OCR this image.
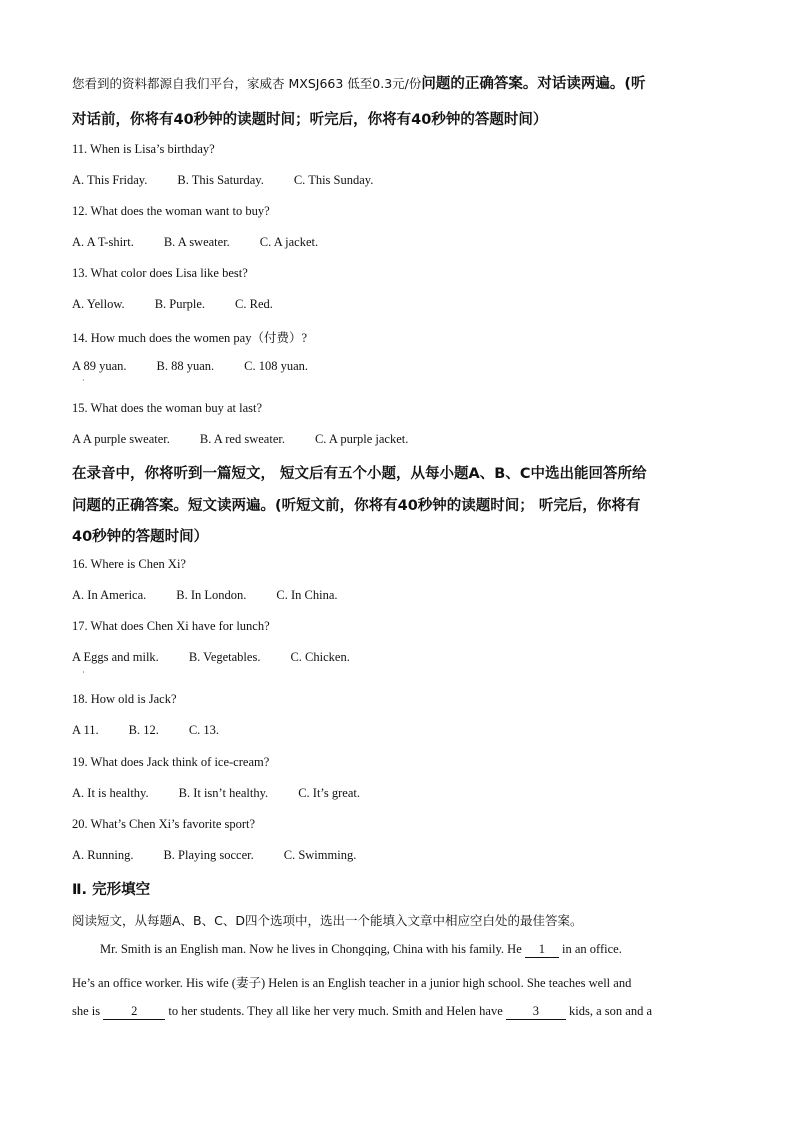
您看到的资料都源自我们平台，家威杏 MXSJ663 低至0.3元/份问题的正确答案。对话读两遍。(听
对话前，你将有40秒钟的读题时间；听完后，你将有40秒钟的答题时间）
11. When is Lisa’s birthday?
A. This Friday. B. This Saturday. C. This Sunday.
12. What does the woman want to buy?
A. A T-shirt. B. A sweater. C. A jacket.
13. What color does Lisa like best?
A. Yellow. B. Purple. C. Red.
14. How much does the women pay（付费）?
A 89 yuan. B. 88 yuan. C. 108 yuan.
·
15. What does the woman buy at last?
A A purple sweater. B. A red sweater. C. A purple jacket.
在录音中，你将听到一篇短文， 短文后有五个小题，从每小题A、B、C中选出能回答所给
问题的正确答案。短文读两遍。(听短文前，你将有40秒钟的读题时间； 听完后，你将有
40秒钟的答题时间）
16. Where is Chen Xi?
A. In America. B. In London. C. In China.
17. What does Chen Xi have for lunch?
A Eggs and milk. B. Vegetables. C. Chicken.
·
18. How old is Jack?
A 11. B. 12. C. 13.
19. What does Jack think of ice-cream?
A. It is healthy. B. It isn’t healthy. C. It’s great.
20. What’s Chen Xi’s favorite sport?
A. Running. B. Playing soccer. C. Swimming.
Ⅱ. 完形填空
阅读短文，从每题A、B、C、D四个选项中，选出一个能填入文章中相应空白处的最佳答案。
Mr. Smith is an English man. Now he lives in Chongqing, China with his family. He 1 in an office.
He’s an office worker. His wife (妻子) Helen is an English teacher in a junior high school. She teaches well and
she is 2 to her students. They all like her very much. Smith and Helen have 3 kids, a son and a
